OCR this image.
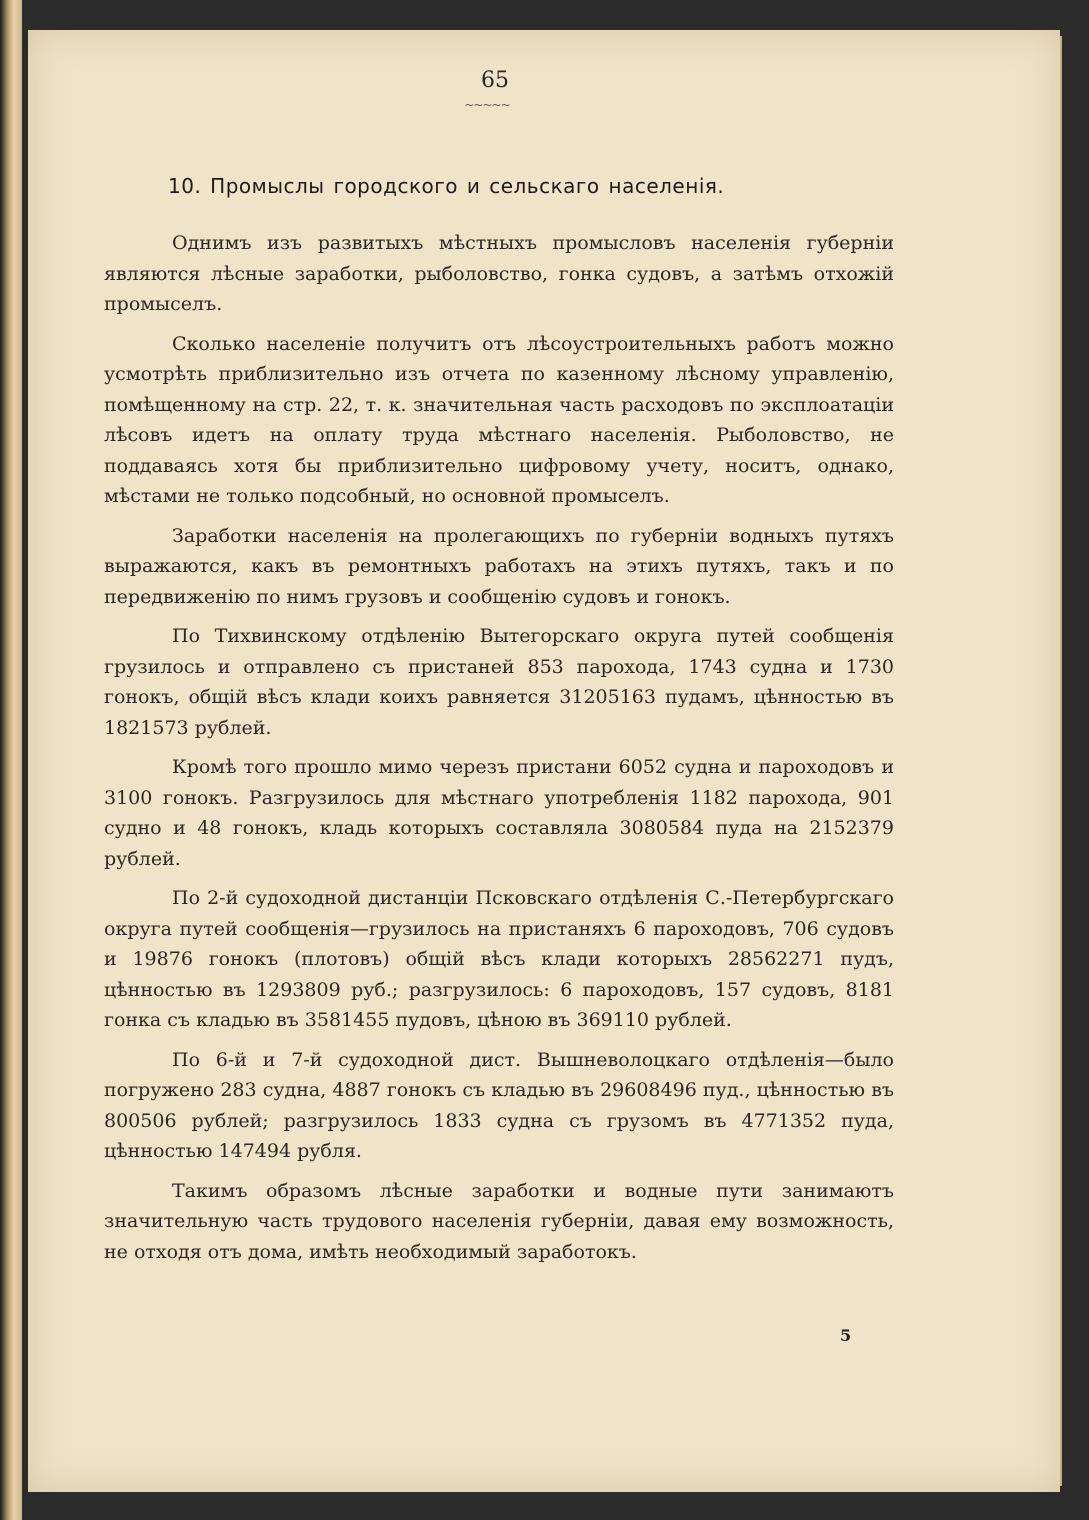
65
~~~~~
10. Промыслы городского и сельскаго населенія.

Однимъ изъ развитыхъ мѣстныхъ промысловъ населенія губерніи являются лѣсные заработки, рыболовство, гонка судовъ, а затѣмъ отхожій промыселъ.

Сколько населеніе получитъ отъ лѣсоустроительныхъ работъ можно усмотрѣть приблизительно изъ отчета по казенному лѣсному управленію, помѣщенному на стр. 22, т. к. значительная часть расходовъ по эксплоатаціи лѣсовъ идетъ на оплату труда мѣстнаго населенія. Рыболовство, не поддаваясь хотя бы приблизительно цифровому учету, носитъ, однако, мѣстами не только подсобный, но основной промыселъ.

Заработки населенія на пролегающихъ по губерніи водныхъ путяхъ выражаются, какъ въ ремонтныхъ работахъ на этихъ путяхъ, такъ и по передвиженію по нимъ грузовъ и сообщенію судовъ и гонокъ.

По Тихвинскому отдѣленію Вытегорскаго округа путей сообщенія грузилось и отправлено съ пристаней 853 парохода, 1743 судна и 1730 гонокъ, общій вѣсъ клади коихъ равняется 31205163 пудамъ, цѣнностью въ 1821573 рублей.

Кромѣ того прошло мимо черезъ пристани 6052 судна и пароходовъ и 3100 гонокъ. Разгрузилось для мѣстнаго употребленія 1182 парохода, 901 судно и 48 гонокъ, кладь которыхъ составляла 3080584 пуда на 2152379 рублей.

По 2-й судоходной дистанціи Псковскаго отдѣленія С.-Петербургскаго округа путей сообщенія—грузилось на пристаняхъ 6 пароходовъ, 706 судовъ и 19876 гонокъ (плотовъ) общій вѣсъ клади которыхъ 28562271 пудъ, цѣнностью въ 1293809 руб.; разгрузилось: 6 пароходовъ, 157 судовъ, 8181 гонка съ кладью въ 3581455 пудовъ, цѣною въ 369110 рублей.

По 6-й и 7-й судоходной дист. Вышневолоцкаго отдѣленія—было погружено 283 судна, 4887 гонокъ съ кладью въ 29608496 пуд., цѣнностью въ 800506 рублей; разгрузилось 1833 судна съ грузомъ въ 4771352 пуда, цѣнностью 147494 рубля.

Такимъ образомъ лѣсные заработки и водные пути занимаютъ значительную часть трудового населенія губерніи, давая ему возможность, не отходя отъ дома, имѣть необходимый заработокъ.

5
